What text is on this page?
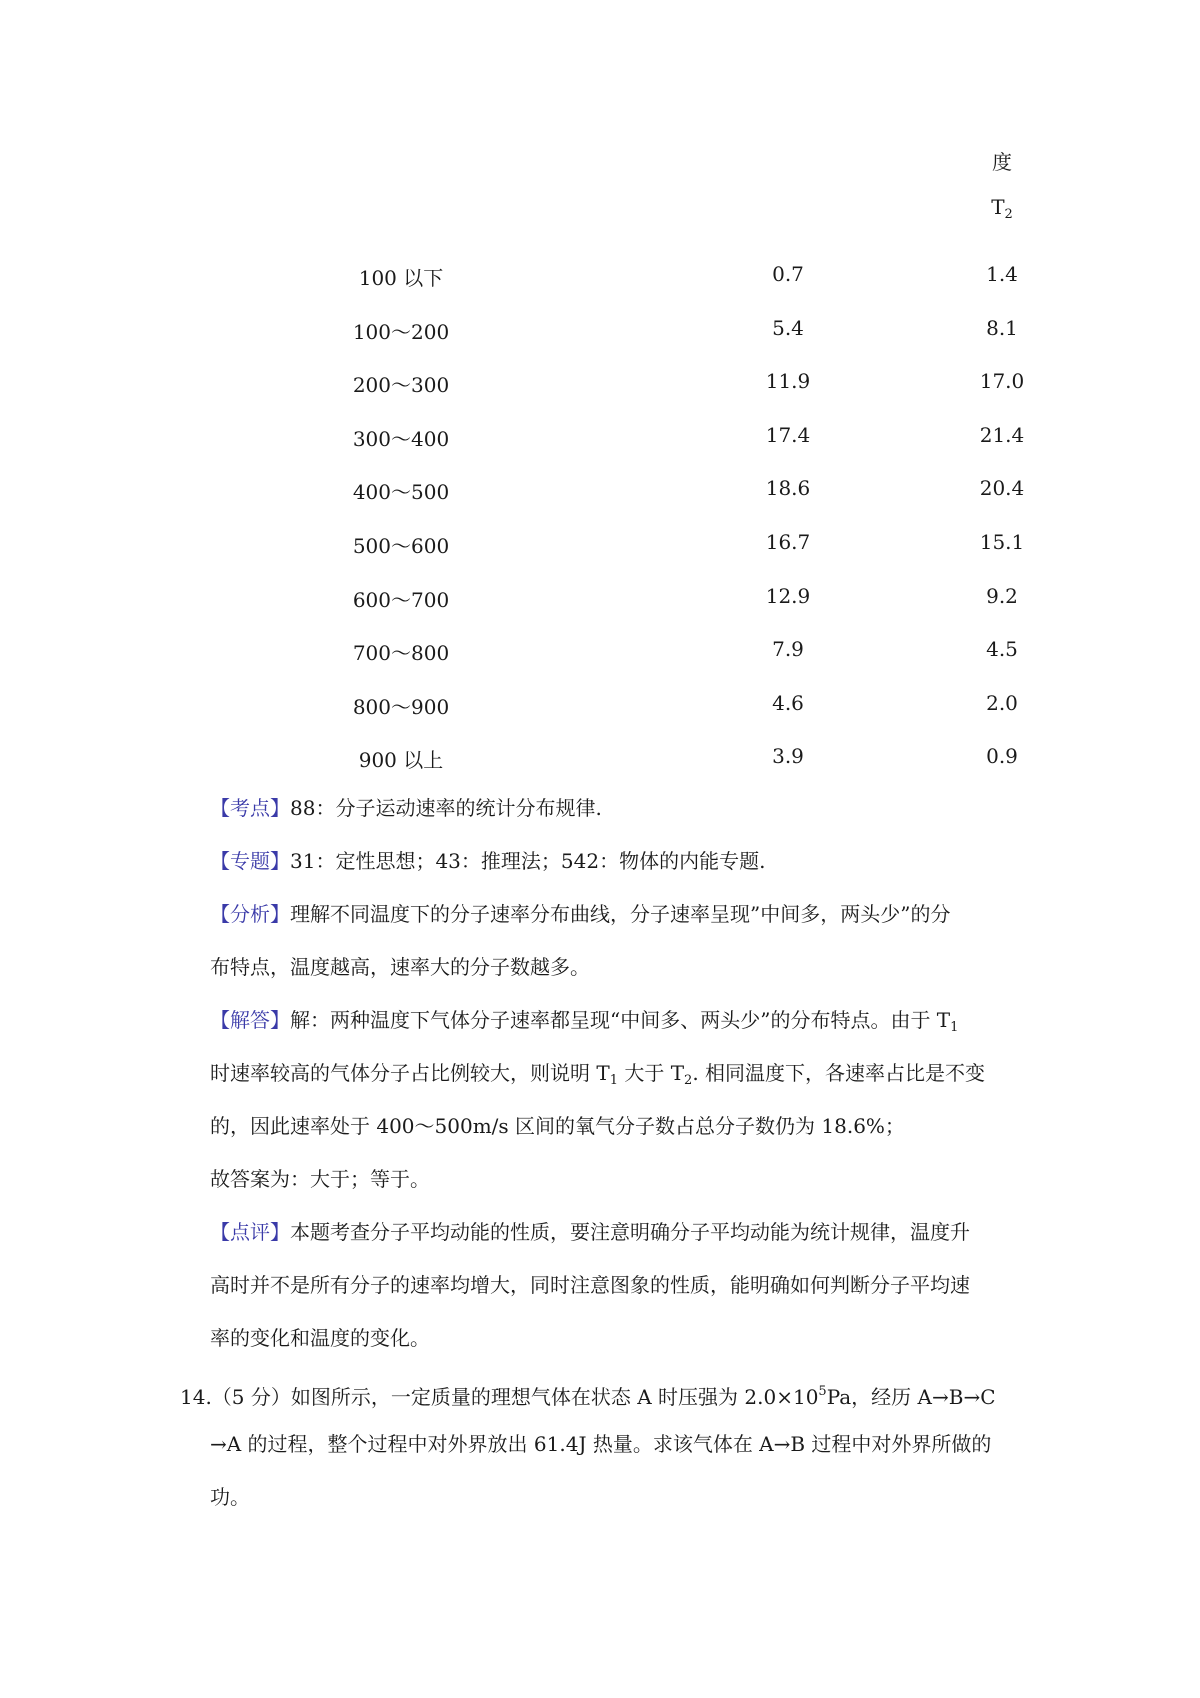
度
$T_2$
100 以下	0.7	1.4
100～200	5.4	8.1
200～300	11.9	17.0
300～400	17.4	21.4
400～500	18.6	20.4
500～600	16.7	15.1
600～700	12.9	9.2
700～800	7.9	4.5
800～900	4.6	2.0
900 以上	3.9	0.9
【考点】88：分子运动速率的统计分布规律.
【专题】31：定性思想；43：推理法；542：物体的内能专题.
【分析】理解不同温度下的分子速率分布曲线，分子速率呈现”中间多，两头少”的分
布特点，温度越高，速率大的分子数越多。
【解答】解：两种温度下气体分子速率都呈现“中间多、两头少”的分布特点。由于 $T_1$
时速率较高的气体分子占比例较大，则说明 $T_1$ 大于 $T_2$. 相同温度下，各速率占比是不变
的，因此速率处于 400～500m/s 区间的氧气分子数占总分子数仍为 18.6%；
故答案为：大于；等于。
【点评】本题考查分子平均动能的性质，要注意明确分子平均动能为统计规律，温度升
高时并不是所有分子的速率均增大，同时注意图象的性质，能明确如何判断分子平均速
率的变化和温度的变化。
14.（5 分）如图所示，一定质量的理想气体在状态 A 时压强为 $2.0\times 10^5Pa$，经历 A→B→C
→A 的过程，整个过程中对外界放出 61.4J 热量。求该气体在 A→B 过程中对外界所做的
功。
